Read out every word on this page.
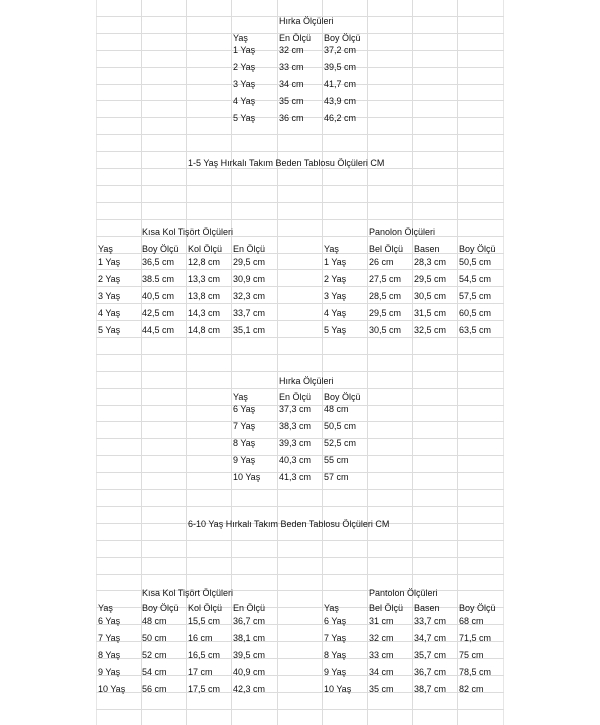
Hırka Ölçüleri
Yaş	En Ölçü Boy Ölçü
1 Yaş	32 cm 37,2 cm
2 Yaş	33 cm 39,5 cm
3 Yaş	34 cm 41,7 cm
4 Yaş	35 cm 43,9 cm
5 Yaş	36 cm 46,2 cm
1-5 Yaş Hırkalı Takım Beden Tablosu Ölçüleri CM
Kısa Kol Tişört Ölçüleri
Yaş	Boy Ölçü Kol Ölçü En Ölçü
1 Yaş 36,5 cm 12,8 cm 29,5 cm
2 Yaş 38.5 cm 13,3 cm 30,9 cm
3 Yaş 40,5 cm 13,8 cm 32,3 cm
4 Yaş 42,5 cm 14,3 cm 33,7 cm
5 Yaş 44,5 cm 14,8 cm 35,1 cm
Panolon Ölçüleri
Yaş	Bel Ölçü Basen Boy Ölçü
1 Yaş	26 cm 28,3 cm 50,5 cm
2 Yaş	27,5 cm 29,5 cm 54,5 cm
3 Yaş	28,5 cm 30,5 cm 57,5 cm
4 Yaş	29,5 cm 31,5 cm 60,5 cm
5 Yaş	30,5 cm 32,5 cm 63,5 cm
Hırka Ölçüleri
Yaş	En Ölçü Boy Ölçü
6 Yaş	37,3 cm 48 cm
7 Yaş	38,3 cm 50,5 cm
8 Yaş	39,3 cm 52,5 cm
9 Yaş	40,3 cm 55 cm
10 Yaş 41,3 cm 57 cm
6-10 Yaş Hırkalı Takım Beden Tablosu Ölçüleri CM
Kısa Kol Tişört Ölçüleri
Yaş	Boy Ölçü Kol Ölçü En Ölçü
6 Yaş 48 cm 15,5 cm 36,7 cm
7 Yaş 50 cm 16 cm 38,1 cm
8 Yaş 52 cm 16,5 cm 39,5 cm
9 Yaş 54 cm 17 cm 40,9 cm
10 Yaş 56 cm 17,5 cm 42,3 cm
Pantolon Ölçüleri
Yaş	Bel Ölçü Basen Boy Ölçü
6 Yaş	31 cm 33,7 cm 68 cm
7 Yaş	32 cm 34,7 cm 71,5 cm
8 Yaş	33 cm 35,7 cm 75 cm
9 Yaş	34 cm 36,7 cm 78,5 cm
10 Yaş 35 cm 38,7 cm 82 cm
